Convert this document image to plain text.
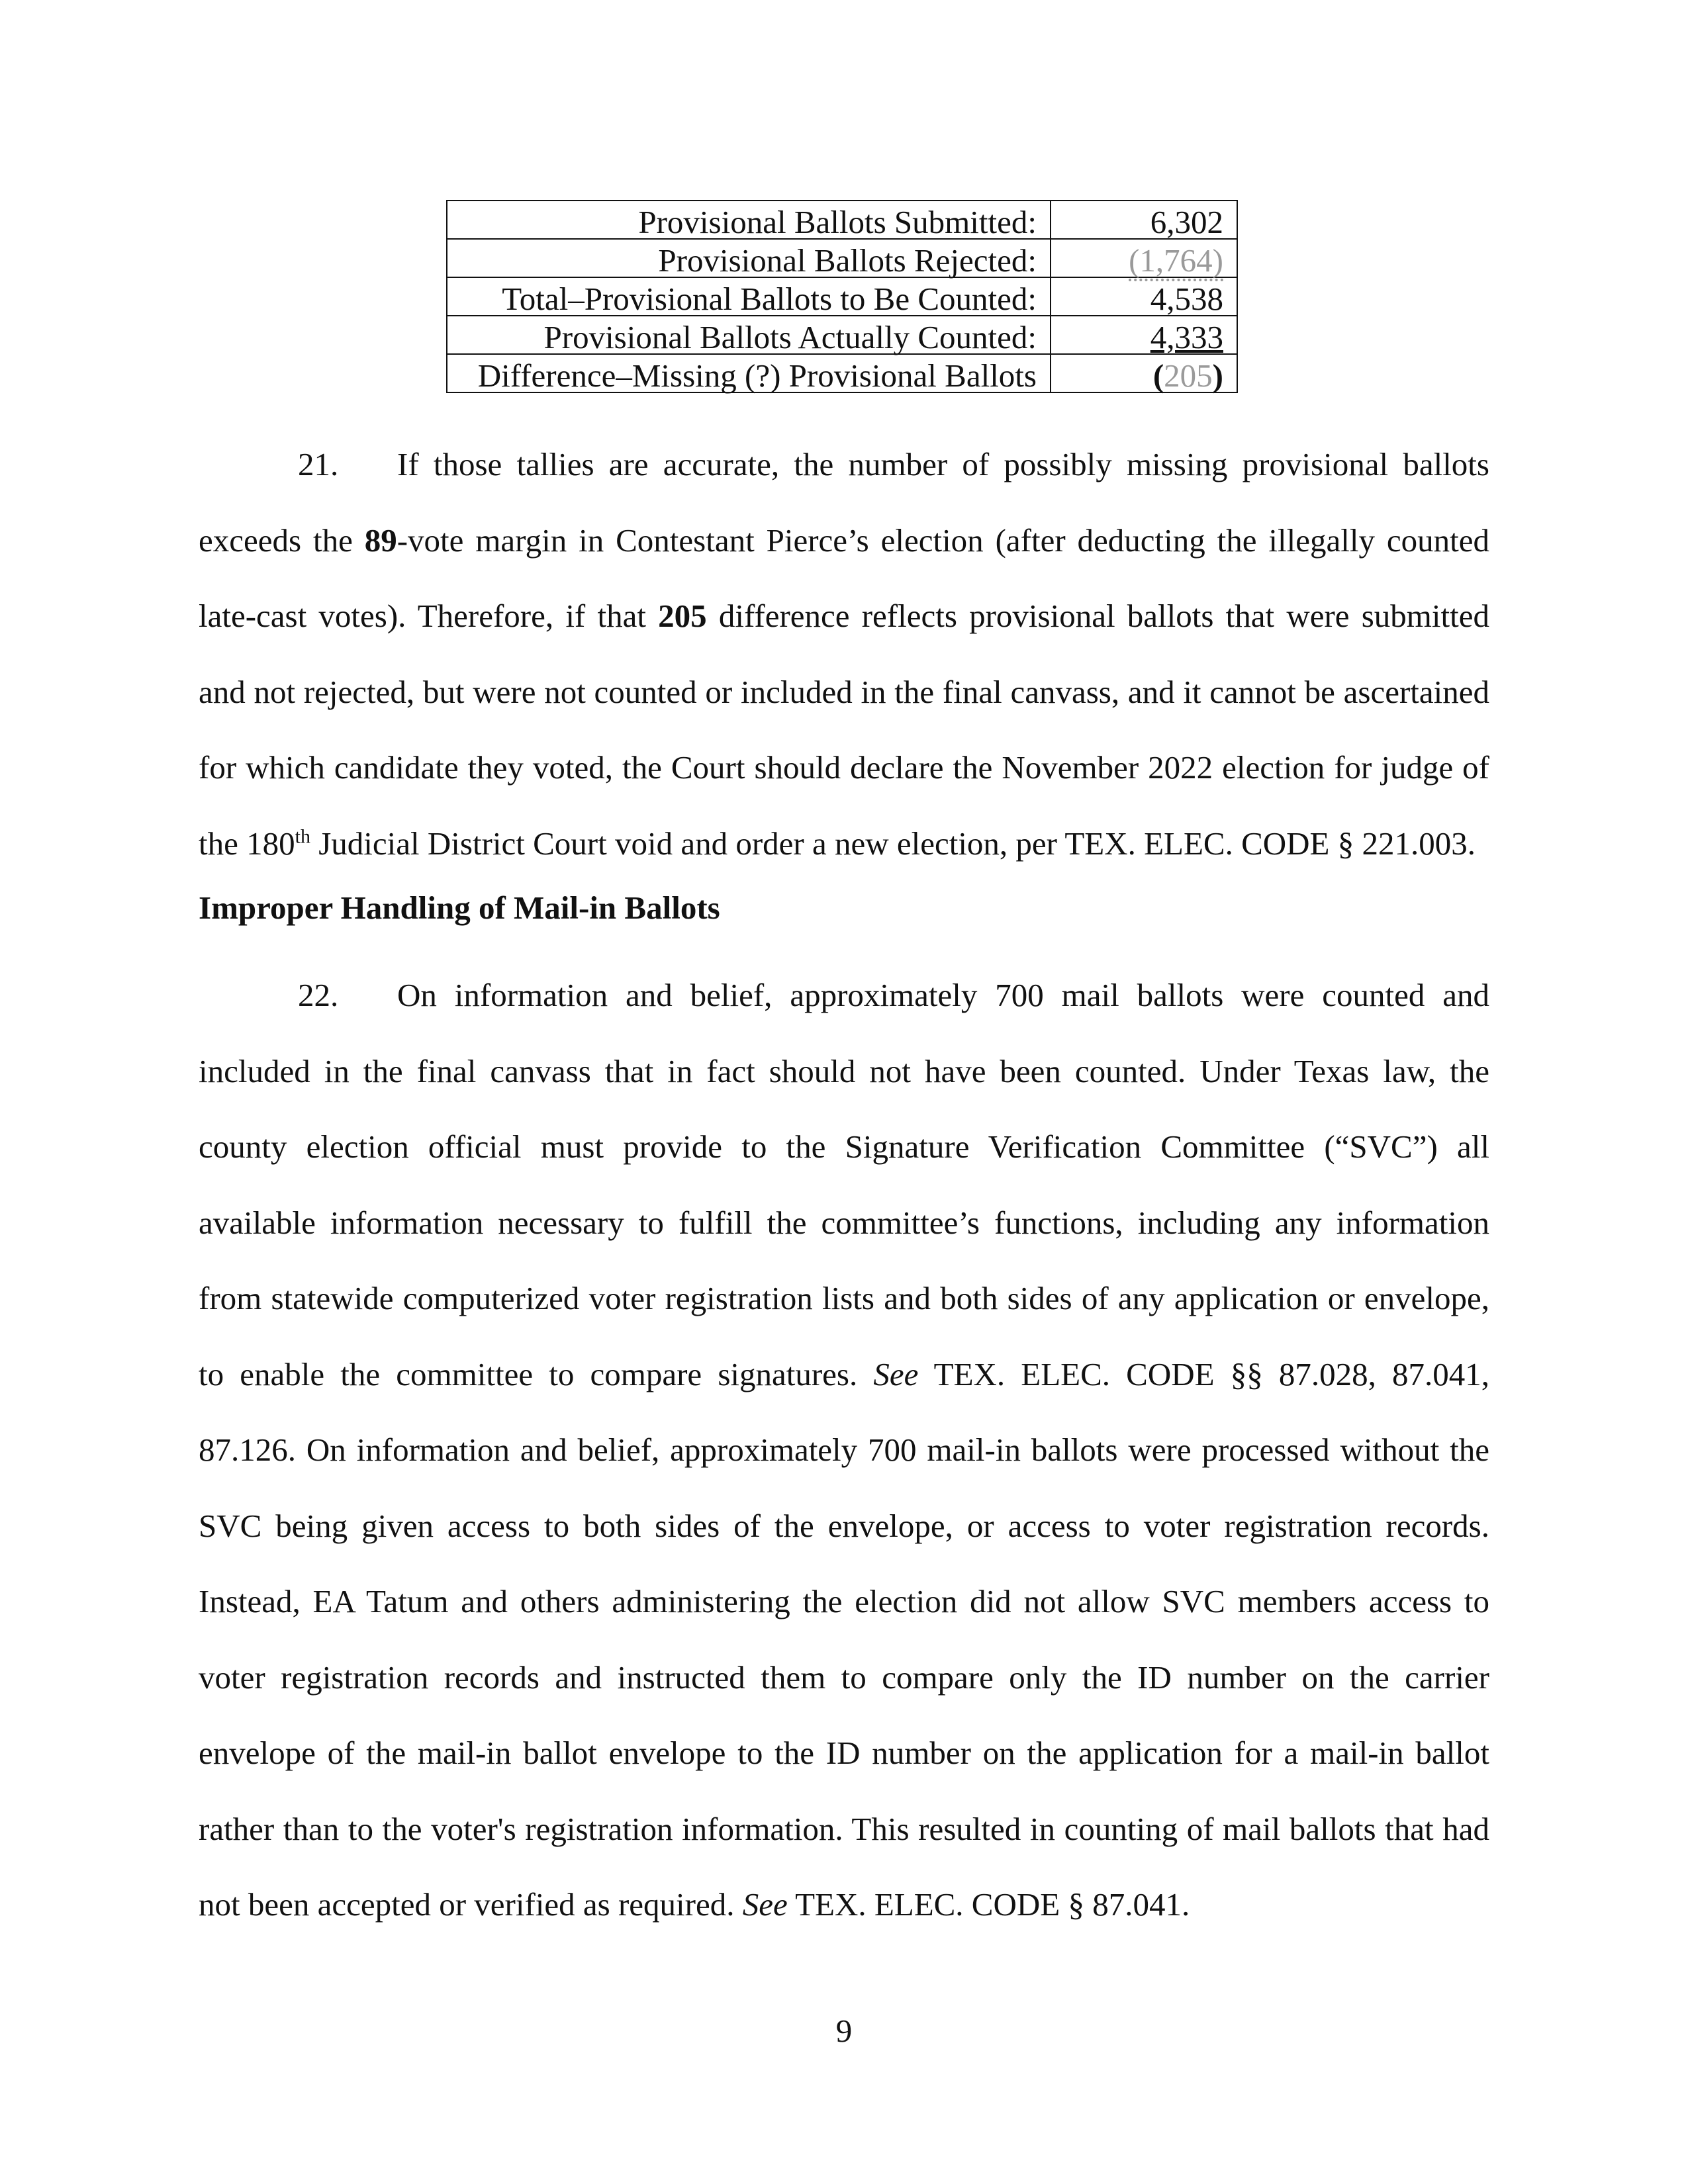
Provisional Ballots Submitted:	6,302
Provisional Ballots Rejected:	(1,764)
Total–Provisional Ballots to Be Counted:	4,538
Provisional Ballots Actually Counted:	4,333
Difference–Missing (?) Provisional Ballots	(205)

21. If those tallies are accurate, the number of possibly missing provisional ballots exceeds the 89-vote margin in Contestant Pierce’s election (after deducting the illegally counted late-cast votes). Therefore, if that 205 difference reflects provisional ballots that were submitted and not rejected, but were not counted or included in the final canvass, and it cannot be ascertained for which candidate they voted, the Court should declare the November 2022 election for judge of the 180th Judicial District Court void and order a new election, per TEX. ELEC. CODE § 221.003.

Improper Handling of Mail-in Ballots

22. On information and belief, approximately 700 mail ballots were counted and included in the final canvass that in fact should not have been counted. Under Texas law, the county election official must provide to the Signature Verification Committee (“SVC”) all available information necessary to fulfill the committee’s functions, including any information from statewide computerized voter registration lists and both sides of any application or envelope, to enable the committee to compare signatures. See TEX. ELEC. CODE §§ 87.028, 87.041, 87.126. On information and belief, approximately 700 mail-in ballots were processed without the SVC being given access to both sides of the envelope, or access to voter registration records. Instead, EA Tatum and others administering the election did not allow SVC members access to voter registration records and instructed them to compare only the ID number on the carrier envelope of the mail-in ballot envelope to the ID number on the application for a mail-in ballot rather than to the voter's registration information. This resulted in counting of mail ballots that had not been accepted or verified as required. See TEX. ELEC. CODE § 87.041.

9
